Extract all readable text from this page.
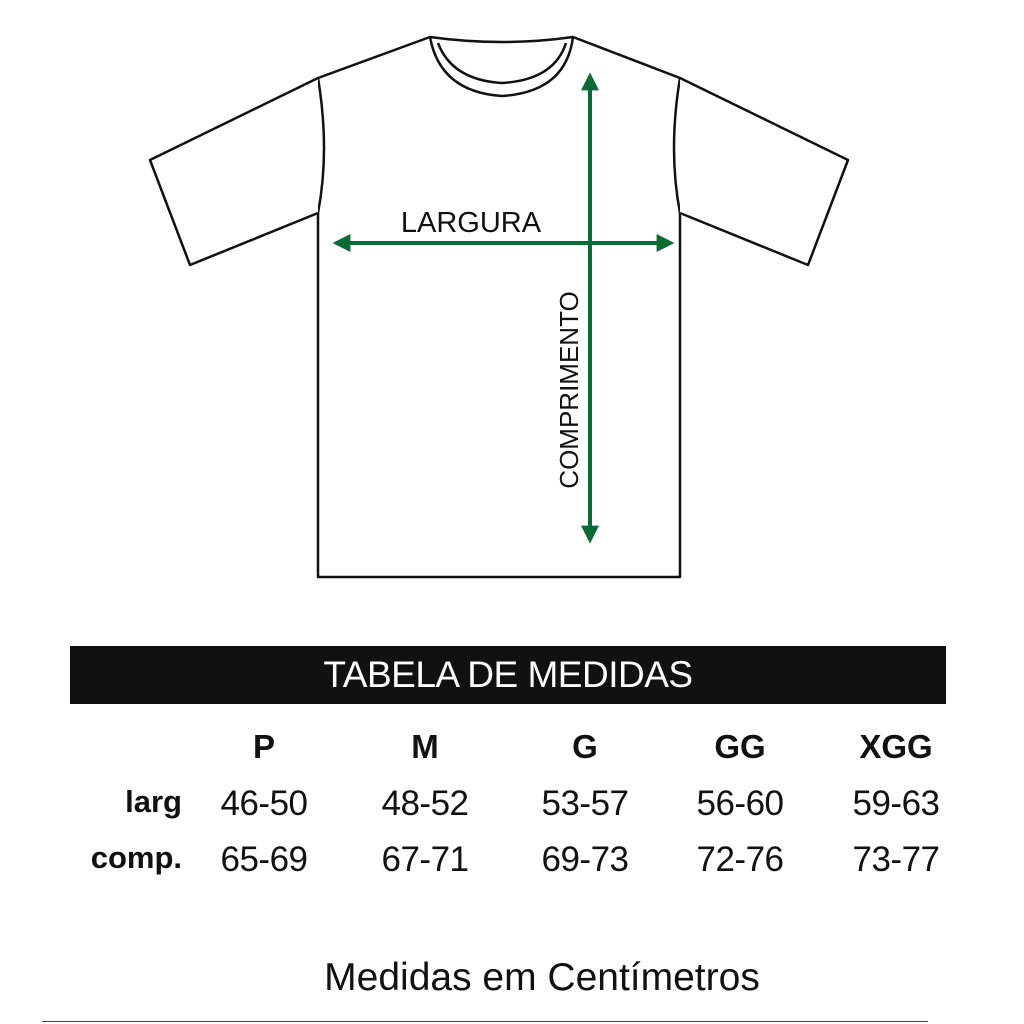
LARGURA
COMPRIMENTO
TABELA DE MEDIDAS
P	M	G	GG	XGG
larg 46-50 48-52 53-57 56-60 59-63
comp. 65-69 67-71 69-73 72-76 73-77
Medidas em Centímetros
